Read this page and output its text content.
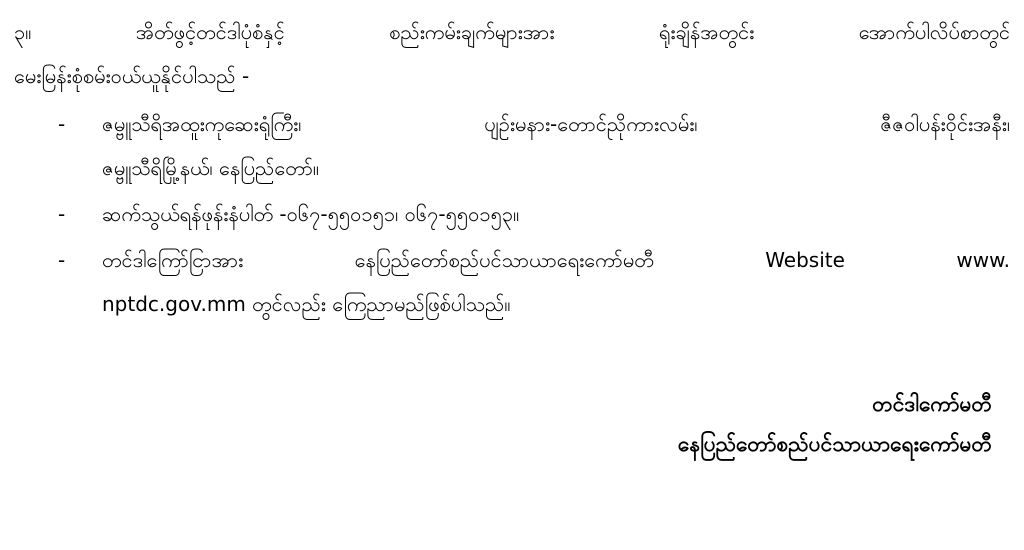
၃။	အိတ်ဖွင့်တင်ဒါပုံစံနှင့်	စည်းကမ်းချက်များအား	ရုံးချိန်အတွင်း	အောက်ပါလိပ်စာတွင်
မေးမြန်းစုံစမ်းဝယ်ယူနိုင်ပါသည် -
-	ဇမ္ဗူသီရိအထူးကုဆေးရုံကြီး၊	ပျဉ်းမနား-တောင်ညိုကားလမ်း၊	ဇီဇဝါပန်းဝိုင်းအနီး၊
ဇမ္ဗူသီရိမြို့နယ်၊ နေပြည်တော်။
-	ဆက်သွယ်ရန်ဖုန်းနံပါတ် -၀၆၇-၅၅၀၁၅၁၊ ၀၆၇-၅၅၀၁၅၃။
-	တင်ဒါကြော်ငြာအား	နေပြည်တော်စည်ပင်သာယာရေးကော်မတီ	Website	www.
nptdc.gov.mm တွင်လည်း ကြေညာမည်ဖြစ်ပါသည်။
တင်ဒါကော်မတီ
နေပြည်တော်စည်ပင်သာယာရေးကော်မတီ
